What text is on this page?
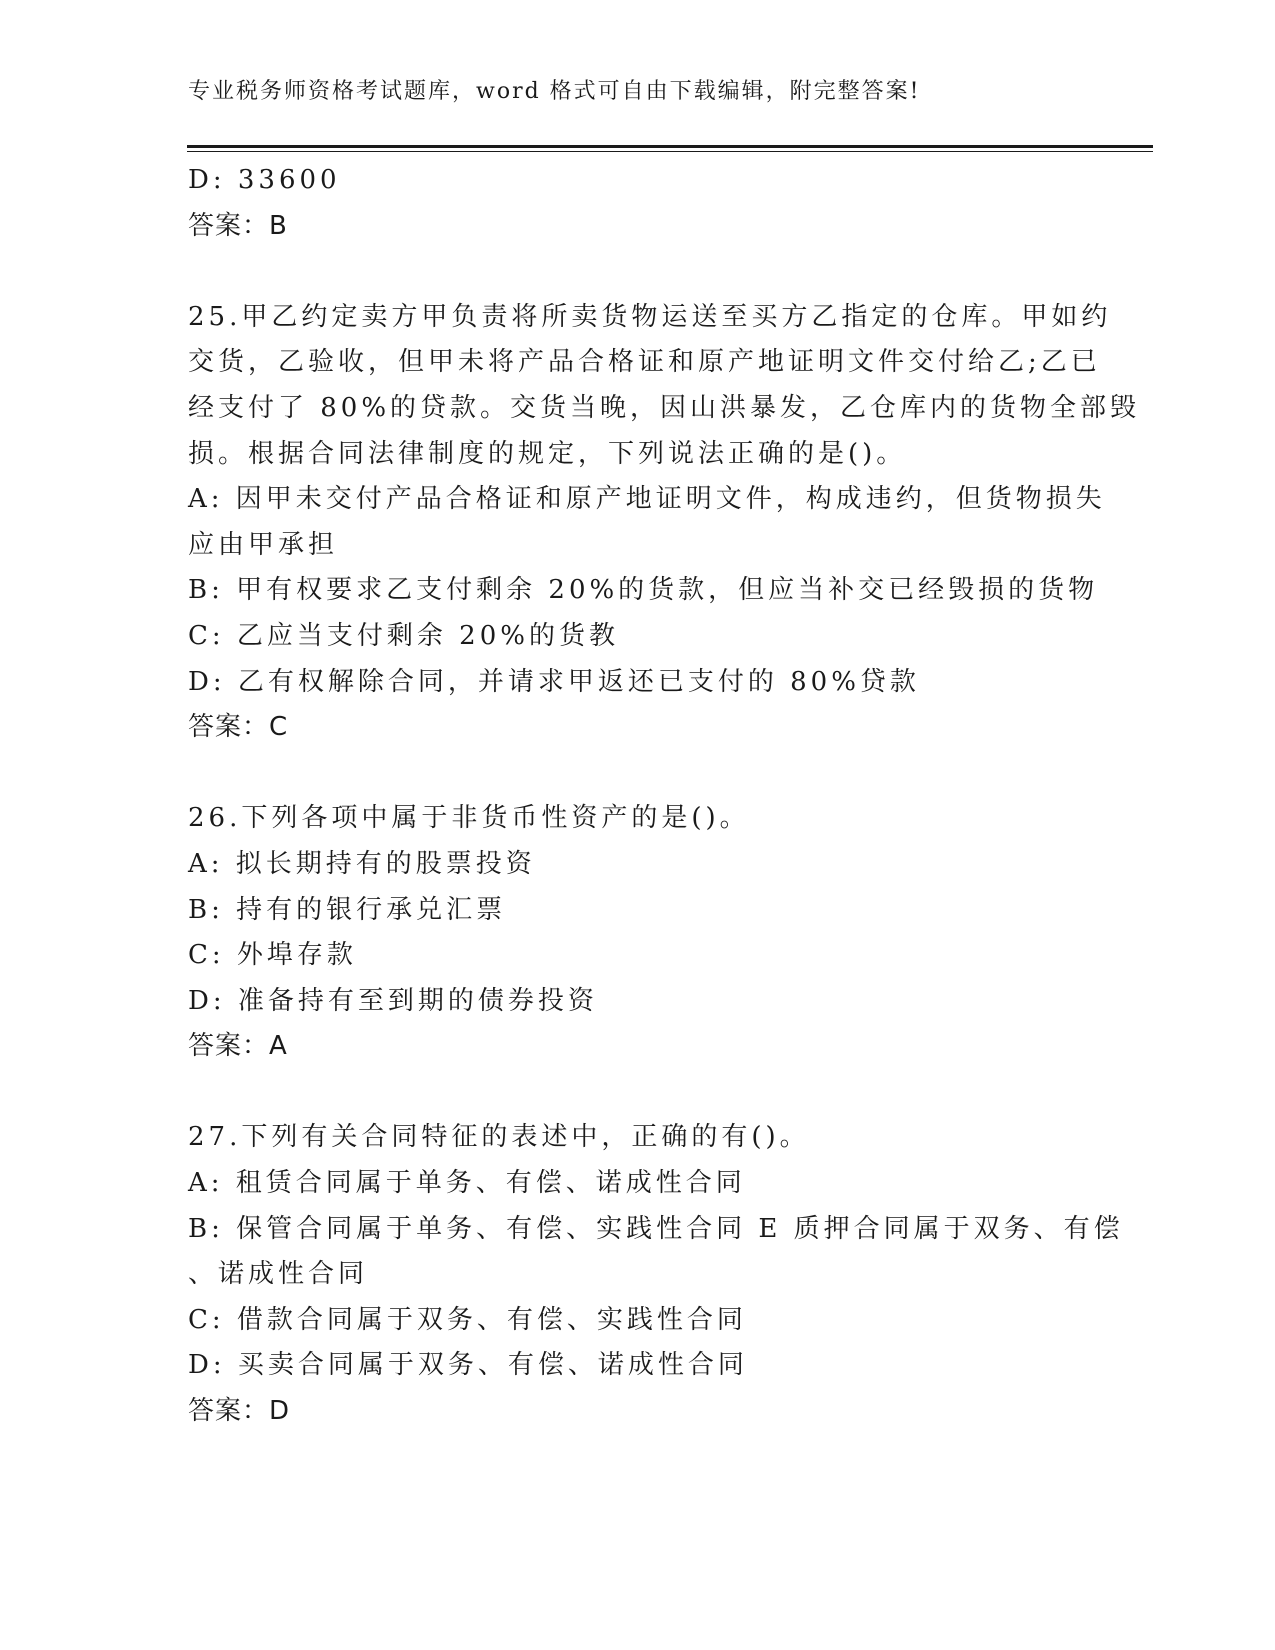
专业税务师资格考试题库，word 格式可自由下载编辑，附完整答案!
D: 33600
答案：B
25.甲乙约定卖方甲负责将所卖货物运送至买方乙指定的仓库。甲如约
交货，乙验收，但甲未将产品合格证和原产地证明文件交付给乙;乙已
经支付了 80%的贷款。交货当晚，因山洪暴发，乙仓库内的货物全部毁
损。根据合同法律制度的规定，下列说法正确的是()。
A: 因甲未交付产品合格证和原产地证明文件，构成违约，但货物损失
应由甲承担
B: 甲有权要求乙支付剩余 20%的货款，但应当补交已经毁损的货物
C: 乙应当支付剩余 20%的货教
D: 乙有权解除合同，并请求甲返还已支付的 80%贷款
答案：C
26.下列各项中属于非货币性资产的是()。
A: 拟长期持有的股票投资
B: 持有的银行承兑汇票
C: 外埠存款
D: 准备持有至到期的债券投资
答案：A
27.下列有关合同特征的表述中，正确的有()。
A: 租赁合同属于单务、有偿、诺成性合同
B: 保管合同属于单务、有偿、实践性合同 E 质押合同属于双务、有偿
、诺成性合同
C: 借款合同属于双务、有偿、实践性合同
D: 买卖合同属于双务、有偿、诺成性合同
答案：D
